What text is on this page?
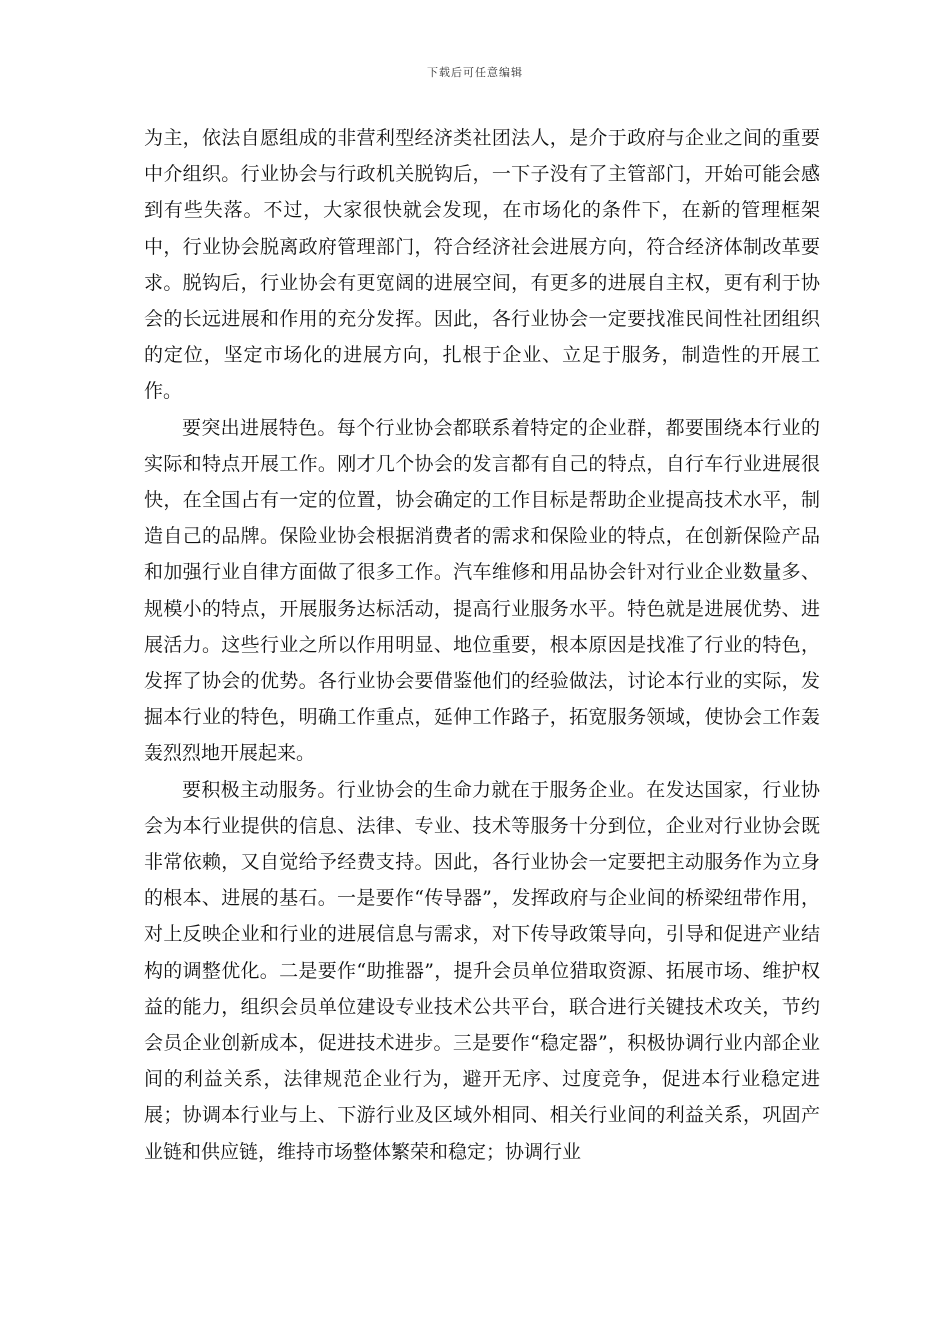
下载后可任意编辑

为主，依法自愿组成的非营利型经济类社团法人，是介于政府与企业之间的重要中介组织。行业协会与行政机关脱钩后，一下子没有了主管部门，开始可能会感到有些失落。不过，大家很快就会发现，在市场化的条件下，在新的管理框架中，行业协会脱离政府管理部门，符合经济社会进展方向，符合经济体制改革要求。脱钩后，行业协会有更宽阔的进展空间，有更多的进展自主权，更有利于协会的长远进展和作用的充分发挥。因此，各行业协会一定要找准民间性社团组织的定位，坚定市场化的进展方向，扎根于企业、立足于服务，制造性的开展工作。

要突出进展特色。每个行业协会都联系着特定的企业群，都要围绕本行业的实际和特点开展工作。刚才几个协会的发言都有自己的特点，自行车行业进展很快，在全国占有一定的位置，协会确定的工作目标是帮助企业提高技术水平，制造自己的品牌。保险业协会根据消费者的需求和保险业的特点，在创新保险产品和加强行业自律方面做了很多工作。汽车维修和用品协会针对行业企业数量多、规模小的特点，开展服务达标活动，提高行业服务水平。特色就是进展优势、进展活力。这些行业之所以作用明显、地位重要，根本原因是找准了行业的特色，发挥了协会的优势。各行业协会要借鉴他们的经验做法，讨论本行业的实际，发掘本行业的特色，明确工作重点，延伸工作路子，拓宽服务领域，使协会工作轰轰烈烈地开展起来。

要积极主动服务。行业协会的生命力就在于服务企业。在发达国家，行业协会为本行业提供的信息、法律、专业、技术等服务十分到位，企业对行业协会既非常依赖，又自觉给予经费支持。因此，各行业协会一定要把主动服务作为立身的根本、进展的基石。一是要作“传导器”，发挥政府与企业间的桥梁纽带作用，对上反映企业和行业的进展信息与需求，对下传导政策导向，引导和促进产业结构的调整优化。二是要作“助推器”，提升会员单位猎取资源、拓展市场、维护权益的能力，组织会员单位建设专业技术公共平台，联合进行关键技术攻关，节约会员企业创新成本，促进技术进步。三是要作“稳定器”，积极协调行业内部企业间的利益关系，法律规范企业行为，避开无序、过度竞争，促进本行业稳定进展；协调本行业与上、下游行业及区域外相同、相关行业间的利益关系，巩固产业链和供应链，维持市场整体繁荣和稳定；协调行业
